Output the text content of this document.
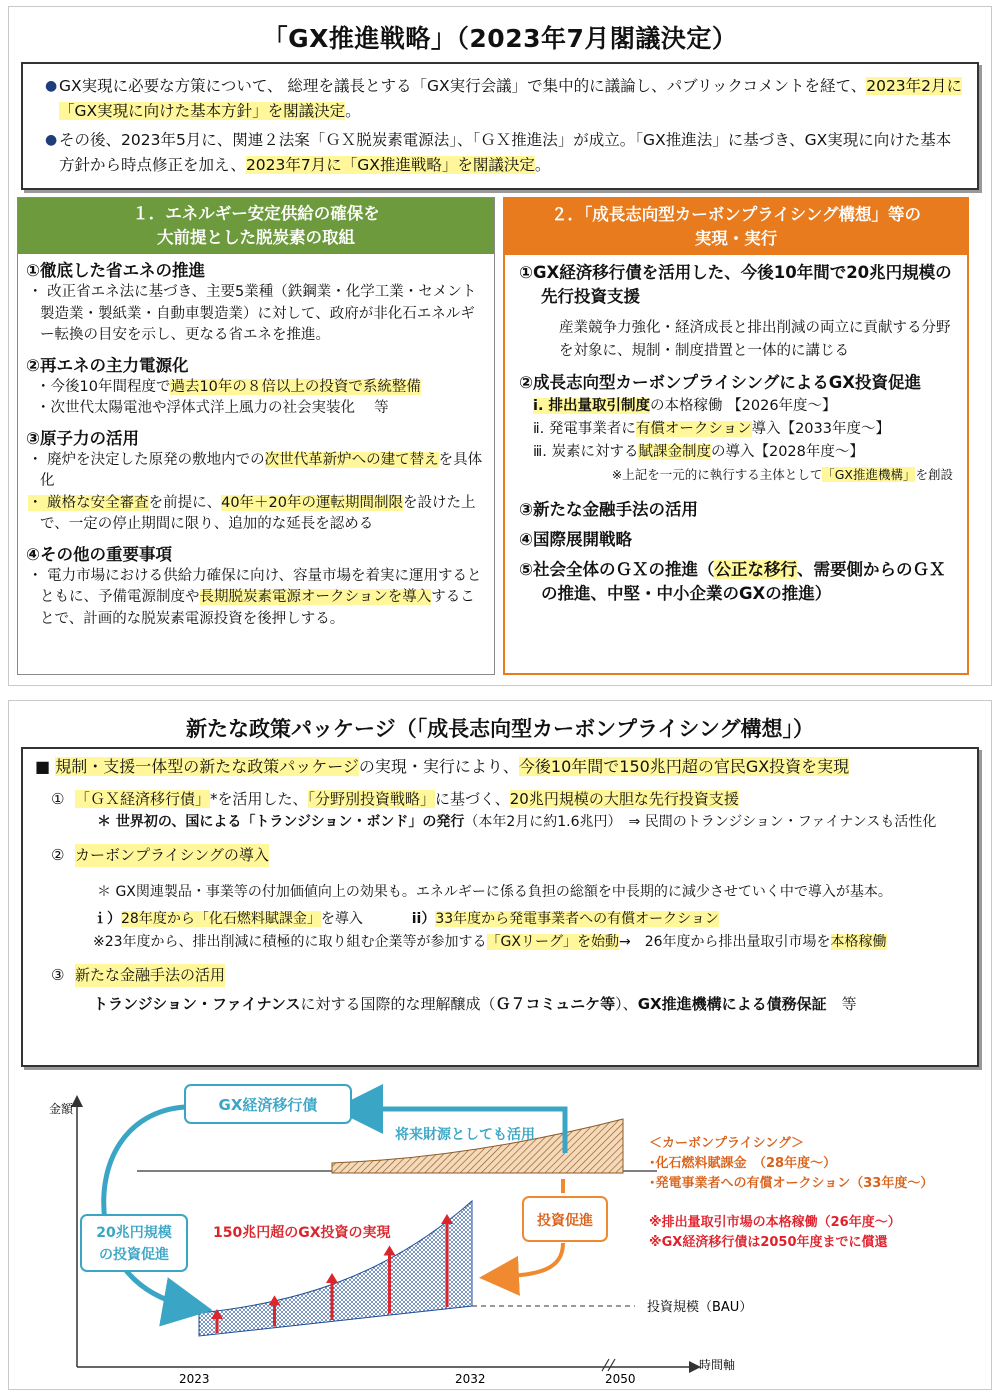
「GX推進戦略」（2023年7月閣議決定）
● GX実現に必要な方策について、 総理を議長とする「GX実行会議」で集中的に議論し、パブリックコメントを経て、2023年2月に「GX実現に向けた基本方針」を閣議決定。
● その後、2023年5月に、関連２法案「ＧＸ脱炭素電源法」、「ＧＸ推進法」が成立。「GX推進法」に基づき、GX実現に向けた基本方針から時点修正を加え、2023年7月に「GX推進戦略」を閣議決定。
１．エネルギー安定供給の確保を
大前提とした脱炭素の取組
①徹底した省エネの推進
・ 改正省エネ法に基づき、主要5業種（鉄鋼業・化学工業・セメント製造業・製紙業・自動車製造業）に対して、政府が非化石エネルギー転換の目安を示し、更なる省エネを推進。
②再エネの主力電源化
・今後10年間程度で過去10年の８倍以上の投資で系統整備
・次世代太陽電池や浮体式洋上風力の社会実装化　 等
③原子力の活用
・ 廃炉を決定した原発の敷地内での次世代革新炉への建て替えを具体化
・ 厳格な安全審査を前提に、40年＋20年の運転期間制限を設けた上で、一定の停止期間に限り、追加的な延長を認める
④その他の重要事項
・ 電力市場における供給力確保に向け、容量市場を着実に運用するとともに、予備電源制度や長期脱炭素電源オークションを導入することで、計画的な脱炭素電源投資を後押しする。
２．「成長志向型カーボンプライシング構想」等の
実現・実行
①GX経済移行債を活用した、今後10年間で20兆円規模の先行投資支援
産業競争力強化・経済成長と排出削減の両立に貢献する分野を対象に、規制・制度措置と一体的に講じる
②成長志向型カーボンプライシングによるGX投資促進
ⅰ. 排出量取引制度の本格稼働 【2026年度～】
ⅱ. 発電事業者に有償オークション導入【2033年度～】
ⅲ. 炭素に対する賦課金制度の導入【2028年度～】
※上記を一元的に執行する主体として「GX推進機構」を創設
③新たな金融手法の活用
④国際展開戦略
⑤社会全体のＧＸの推進（公正な移行、需要側からのＧＸの推進、中堅・中小企業のGXの推進）
新たな政策パッケージ（「成長志向型カーボンプライシング構想」）
■ 規制・支援一体型の新たな政策パッケージの実現・実行により、今後10年間で150兆円超の官民GX投資を実現
① 「ＧＸ経済移行債」*を活用した、「分野別投資戦略」に基づく、20兆円規模の大胆な先行投資支援
＊ 世界初の、国による「トランジション・ボンド」の発行（本年2月に約1.6兆円）　⇒ 民間のトランジション・ファイナンスも活性化
② カーボンプライシングの導入
＊ GX関連製品・事業等の付加価値向上の効果も。エネルギーに係る負担の総額を中長期的に減少させていく中で導入が基本。
ｉ）28年度から「化石燃料賦課金」を導入	ii）33年度から発電事業者への有償オークション
※23年度から、排出削減に積極的に取り組む企業等が参加する「GXリーグ」を始動→　26年度から排出量取引市場を本格稼働
③ 新たな金融手法の活用
トランジション・ファイナンスに対する国際的な理解醸成（Ｇ７コミュニケ等）、GX推進機構による債務保証　等
金額
時間軸
2023	2032	2050
投資規模（BAU）
GX経済移行債
将来財源としても活用
20兆円規模
の投資促進
150兆円超のGX投資の実現
投資促進
＜カーボンプライシング＞
･化石燃料賦課金　（28年度～）
･発電事業者への有償オークション（33年度～）
※排出量取引市場の本格稼働（26年度～）
※GX経済移行債は2050年度までに償還
